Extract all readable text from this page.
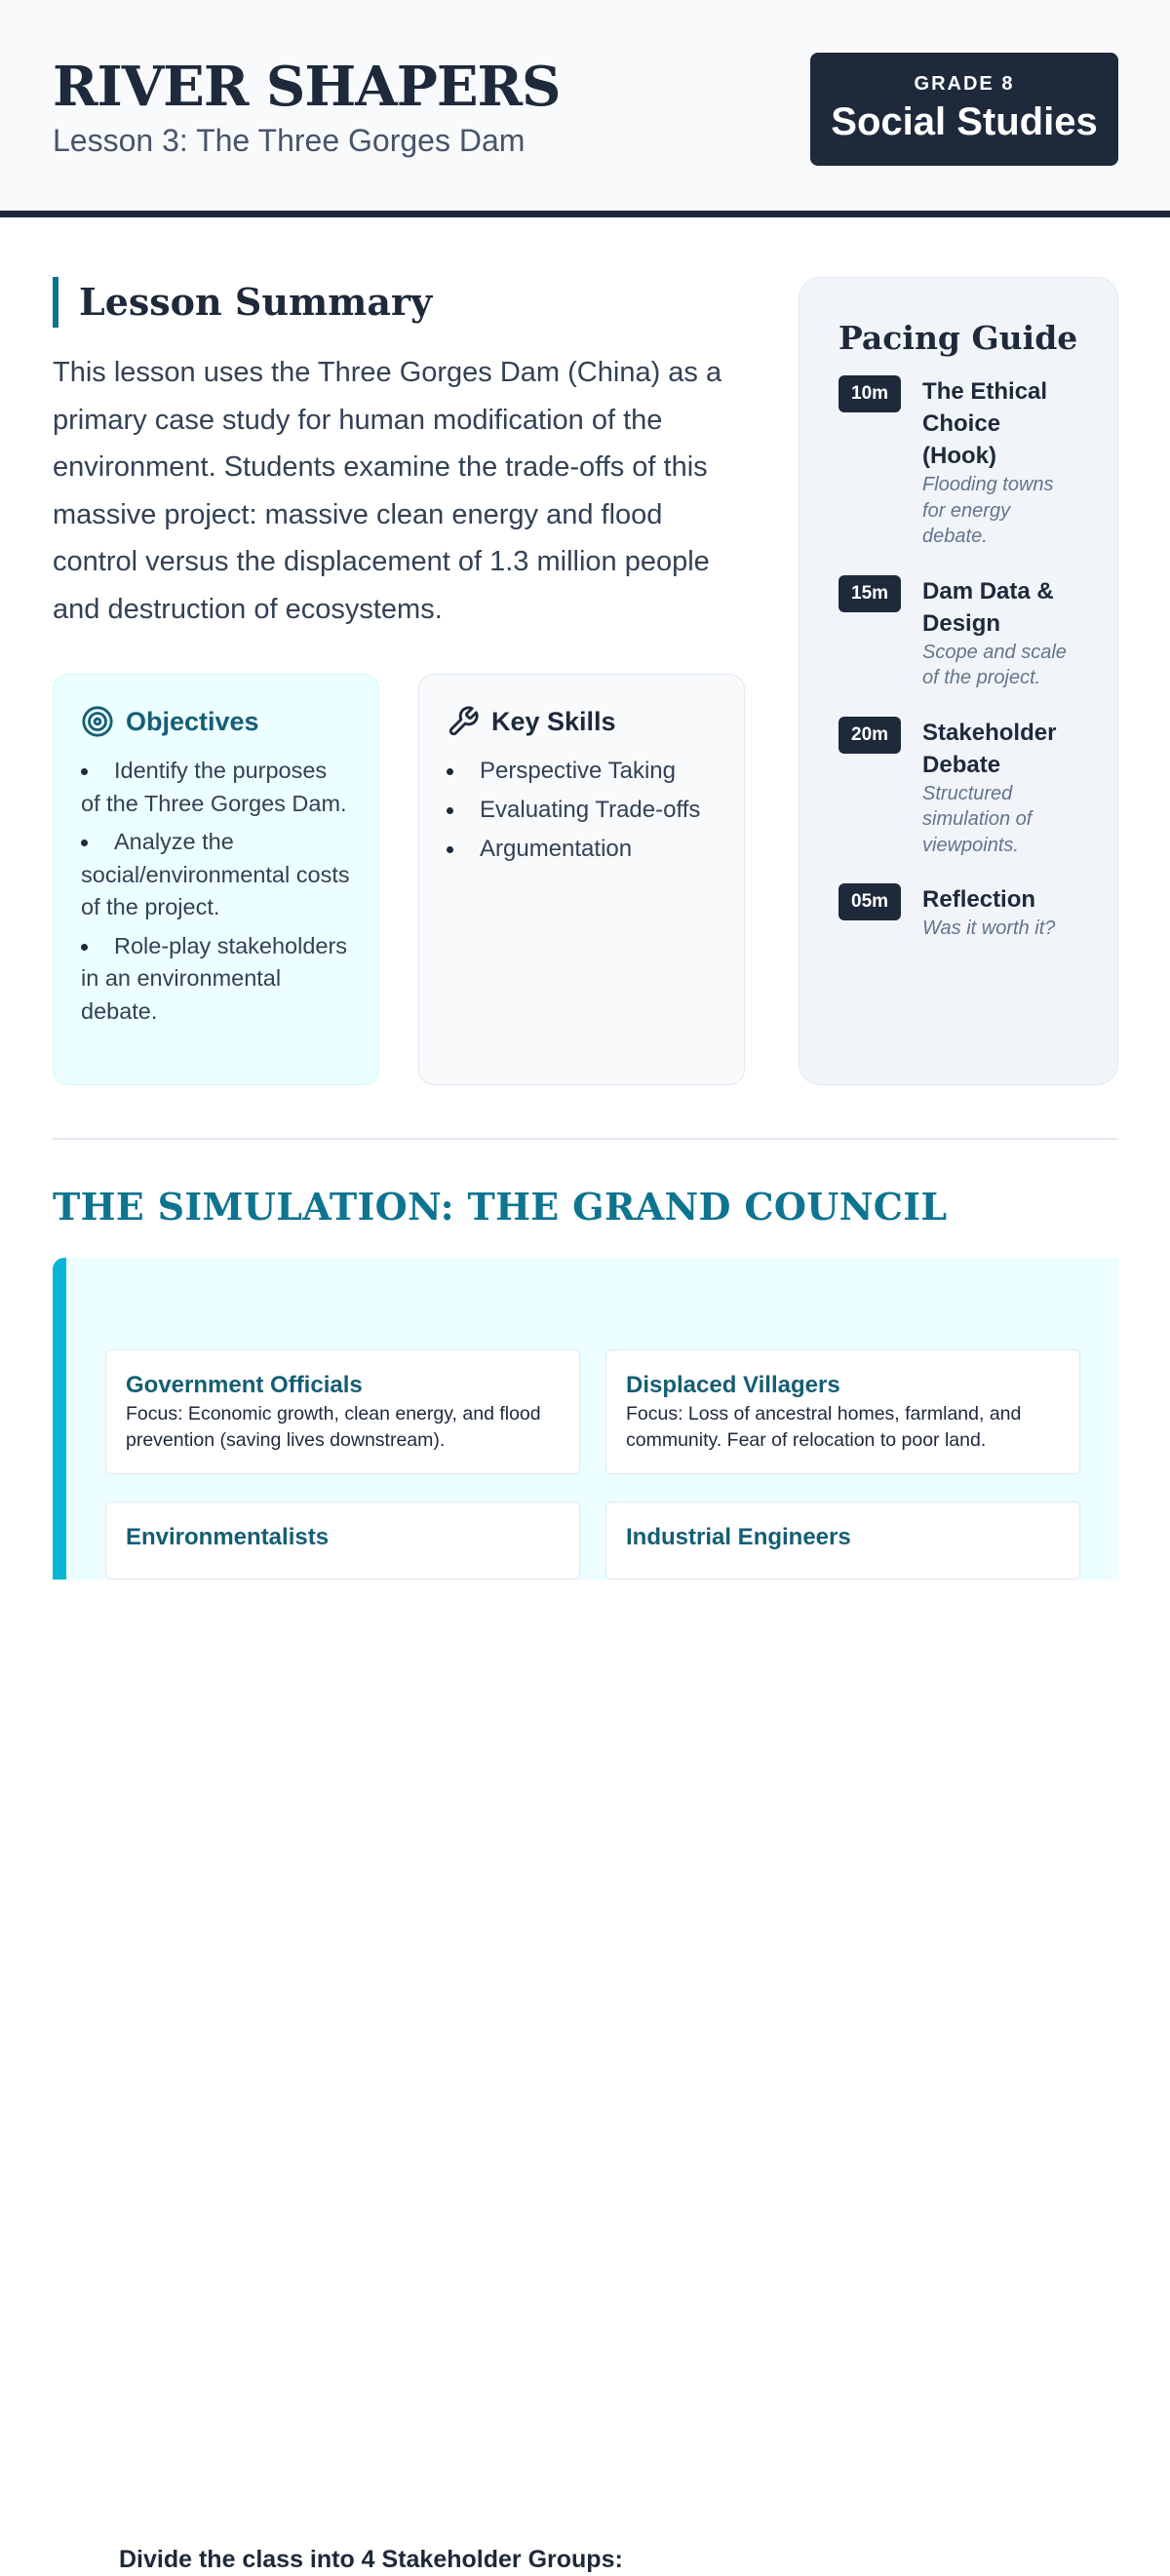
RIVER SHAPERS
Lesson 3: The Three Gorges Dam
GRADE 8
Social Studies
Lesson Summary

This lesson uses the Three Gorges Dam (China) as a primary case study for human modification of the environment. Students examine the trade-offs of this massive project: massive clean energy and flood control versus the displacement of 1.3 million people and destruction of ecosystems.

Objectives
Identify the purposes of the Three Gorges Dam.
Analyze the social/environmental costs of the project.
Role-play stakeholders in an environmental debate.
Key Skills
Perspective Taking
Evaluating Trade-offs
Argumentation
Pacing Guide
10m	The Ethical Choice (Hook)
Flooding towns for energy debate.
15m	Dam Data & Design
Scope and scale of the project.
20m	Stakeholder Debate
Structured simulation of viewpoints.
05m	Reflection
Was it worth it?
THE SIMULATION: THE GRAND COUNCIL
Divide the class into 4 Stakeholder Groups:
Government Officials
Focus: Economic growth, clean energy, and flood prevention (saving lives downstream).
Displaced Villagers
Focus: Loss of ancestral homes, farmland, and community. Fear of relocation to poor land.
Environmentalists	Industrial Engineers
